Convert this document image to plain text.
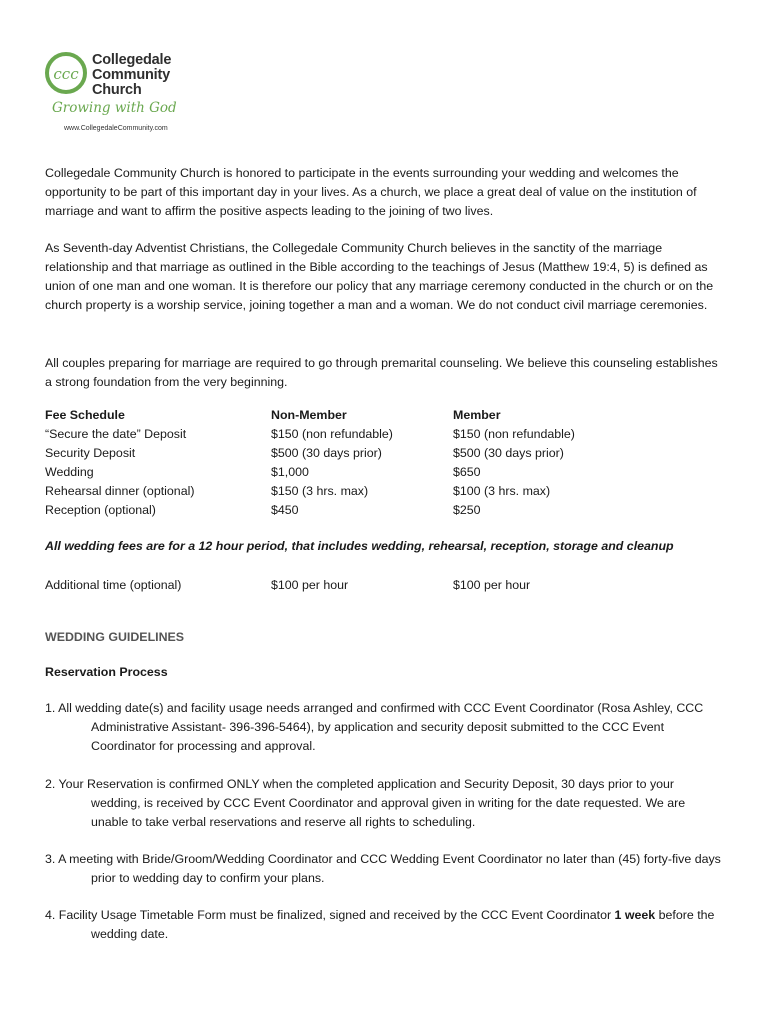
ccc
Collegedale
Community
Church
Growing with God
www.CollegedaleCommunity.com
Collegedale Community Church is honored to participate in the events surrounding your wedding and welcomes the opportunity to be part of this important day in your lives. As a church, we place a great deal of value on the institution of marriage and want to affirm the positive aspects leading to the joining of two lives.
As Seventh-day Adventist Christians, the Collegedale Community Church believes in the sanctity of the marriage relationship and that marriage as outlined in the Bible according to the teachings of Jesus (Matthew 19:4, 5) is defined as union of one man and one woman. It is therefore our policy that any marriage ceremony conducted in the church or on the church property is a worship service, joining together a man and a woman. We do not conduct civil marriage ceremonies.
All couples preparing for marriage are required to go through premarital counseling. We believe this counseling establishes a strong foundation from the very beginning.
Fee Schedule	Non-Member	Member
“Secure the date” Deposit	$150 (non refundable)	$150 (non refundable)
Security Deposit	$500 (30 days prior)	$500 (30 days prior)
Wedding	$1,000	$650
Rehearsal dinner (optional)	$150 (3 hrs. max)	$100 (3 hrs. max)
Reception (optional)	$450	$250
All wedding fees are for a 12 hour period, that includes wedding, rehearsal, reception, storage and cleanup
Additional time (optional)	$100 per hour	$100 per hour
WEDDING GUIDELINES
Reservation Process
1. All wedding date(s) and facility usage needs arranged and confirmed with CCC Event Coordinator (Rosa Ashley, CCC Administrative Assistant- 396-396-5464), by application and security deposit submitted to the CCC Event Coordinator for processing and approval.
2. Your Reservation is confirmed ONLY when the completed application and Security Deposit, 30 days prior to your wedding, is received by CCC Event Coordinator and approval given in writing for the date requested. We are unable to take verbal reservations and reserve all rights to scheduling.
3. A meeting with Bride/Groom/Wedding Coordinator and CCC Wedding Event Coordinator no later than (45) forty-five days prior to wedding day to confirm your plans.
4. Facility Usage Timetable Form must be finalized, signed and received by the CCC Event Coordinator 1 week before the wedding date.
